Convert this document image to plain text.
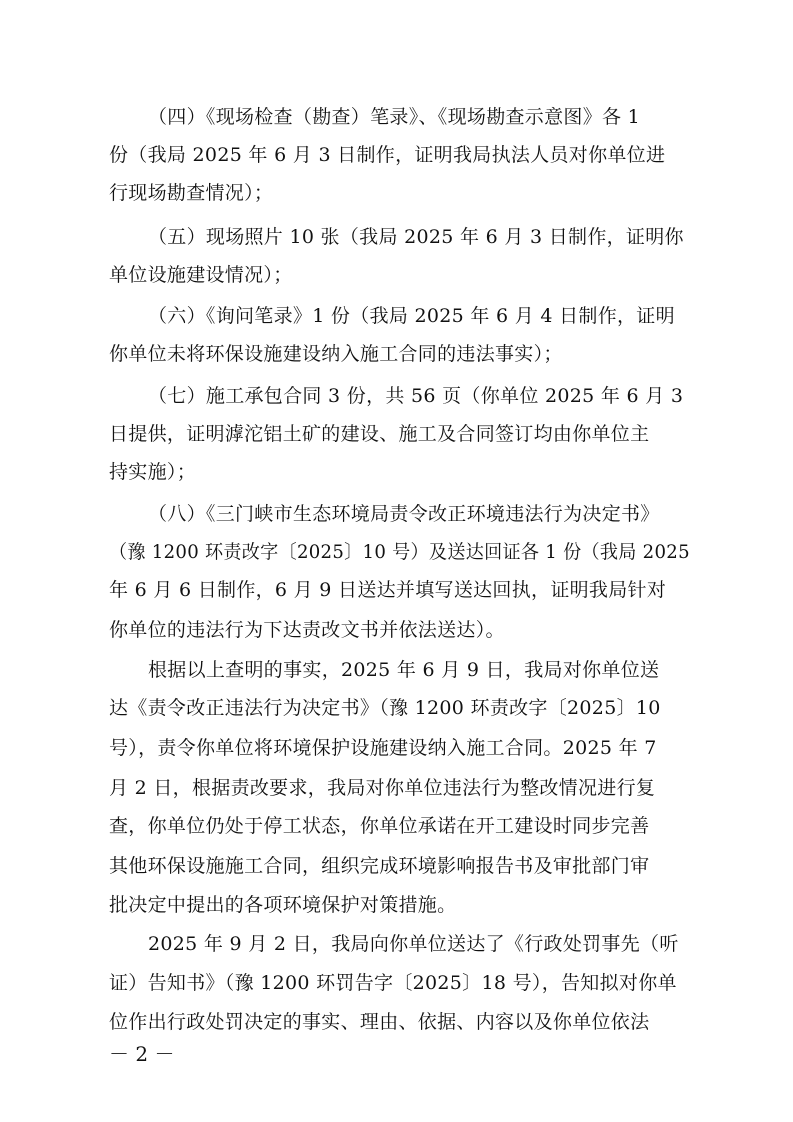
（四）《现场检查（勘查）笔录》、《现场勘查示意图》各 1
份（我局 2025 年 6 月 3 日制作，证明我局执法人员对你单位进
行现场勘查情况）；
（五）现场照片 10 张（我局 2025 年 6 月 3 日制作，证明你
单位设施建设情况）；
（六）《询问笔录》1 份（我局 2025 年 6 月 4 日制作，证明
你单位未将环保设施建设纳入施工合同的违法事实）；
（七）施工承包合同 3 份，共 56 页（你单位 2025 年 6 月 3
日提供，证明滹沱铝土矿的建设、施工及合同签订均由你单位主
持实施）；
（八）《三门峡市生态环境局责令改正环境违法行为决定书》
（豫 1200 环责改字〔2025〕10 号）及送达回证各 1 份（我局 2025
年 6 月 6 日制作，6 月 9 日送达并填写送达回执，证明我局针对
你单位的违法行为下达责改文书并依法送达）。
根据以上查明的事实，2025 年 6 月 9 日，我局对你单位送
达《责令改正违法行为决定书》（豫 1200 环责改字〔2025〕10
号），责令你单位将环境保护设施建设纳入施工合同。2025 年 7
月 2 日，根据责改要求，我局对你单位违法行为整改情况进行复
查，你单位仍处于停工状态，你单位承诺在开工建设时同步完善
其他环保设施施工合同，组织完成环境影响报告书及审批部门审
批决定中提出的各项环境保护对策措施。
2025 年 9 月 2 日，我局向你单位送达了《行政处罚事先（听
证）告知书》（豫 1200 环罚告字〔2025〕18 号），告知拟对你单
位作出行政处罚决定的事实、理由、依据、内容以及你单位依法
－ 2 －
